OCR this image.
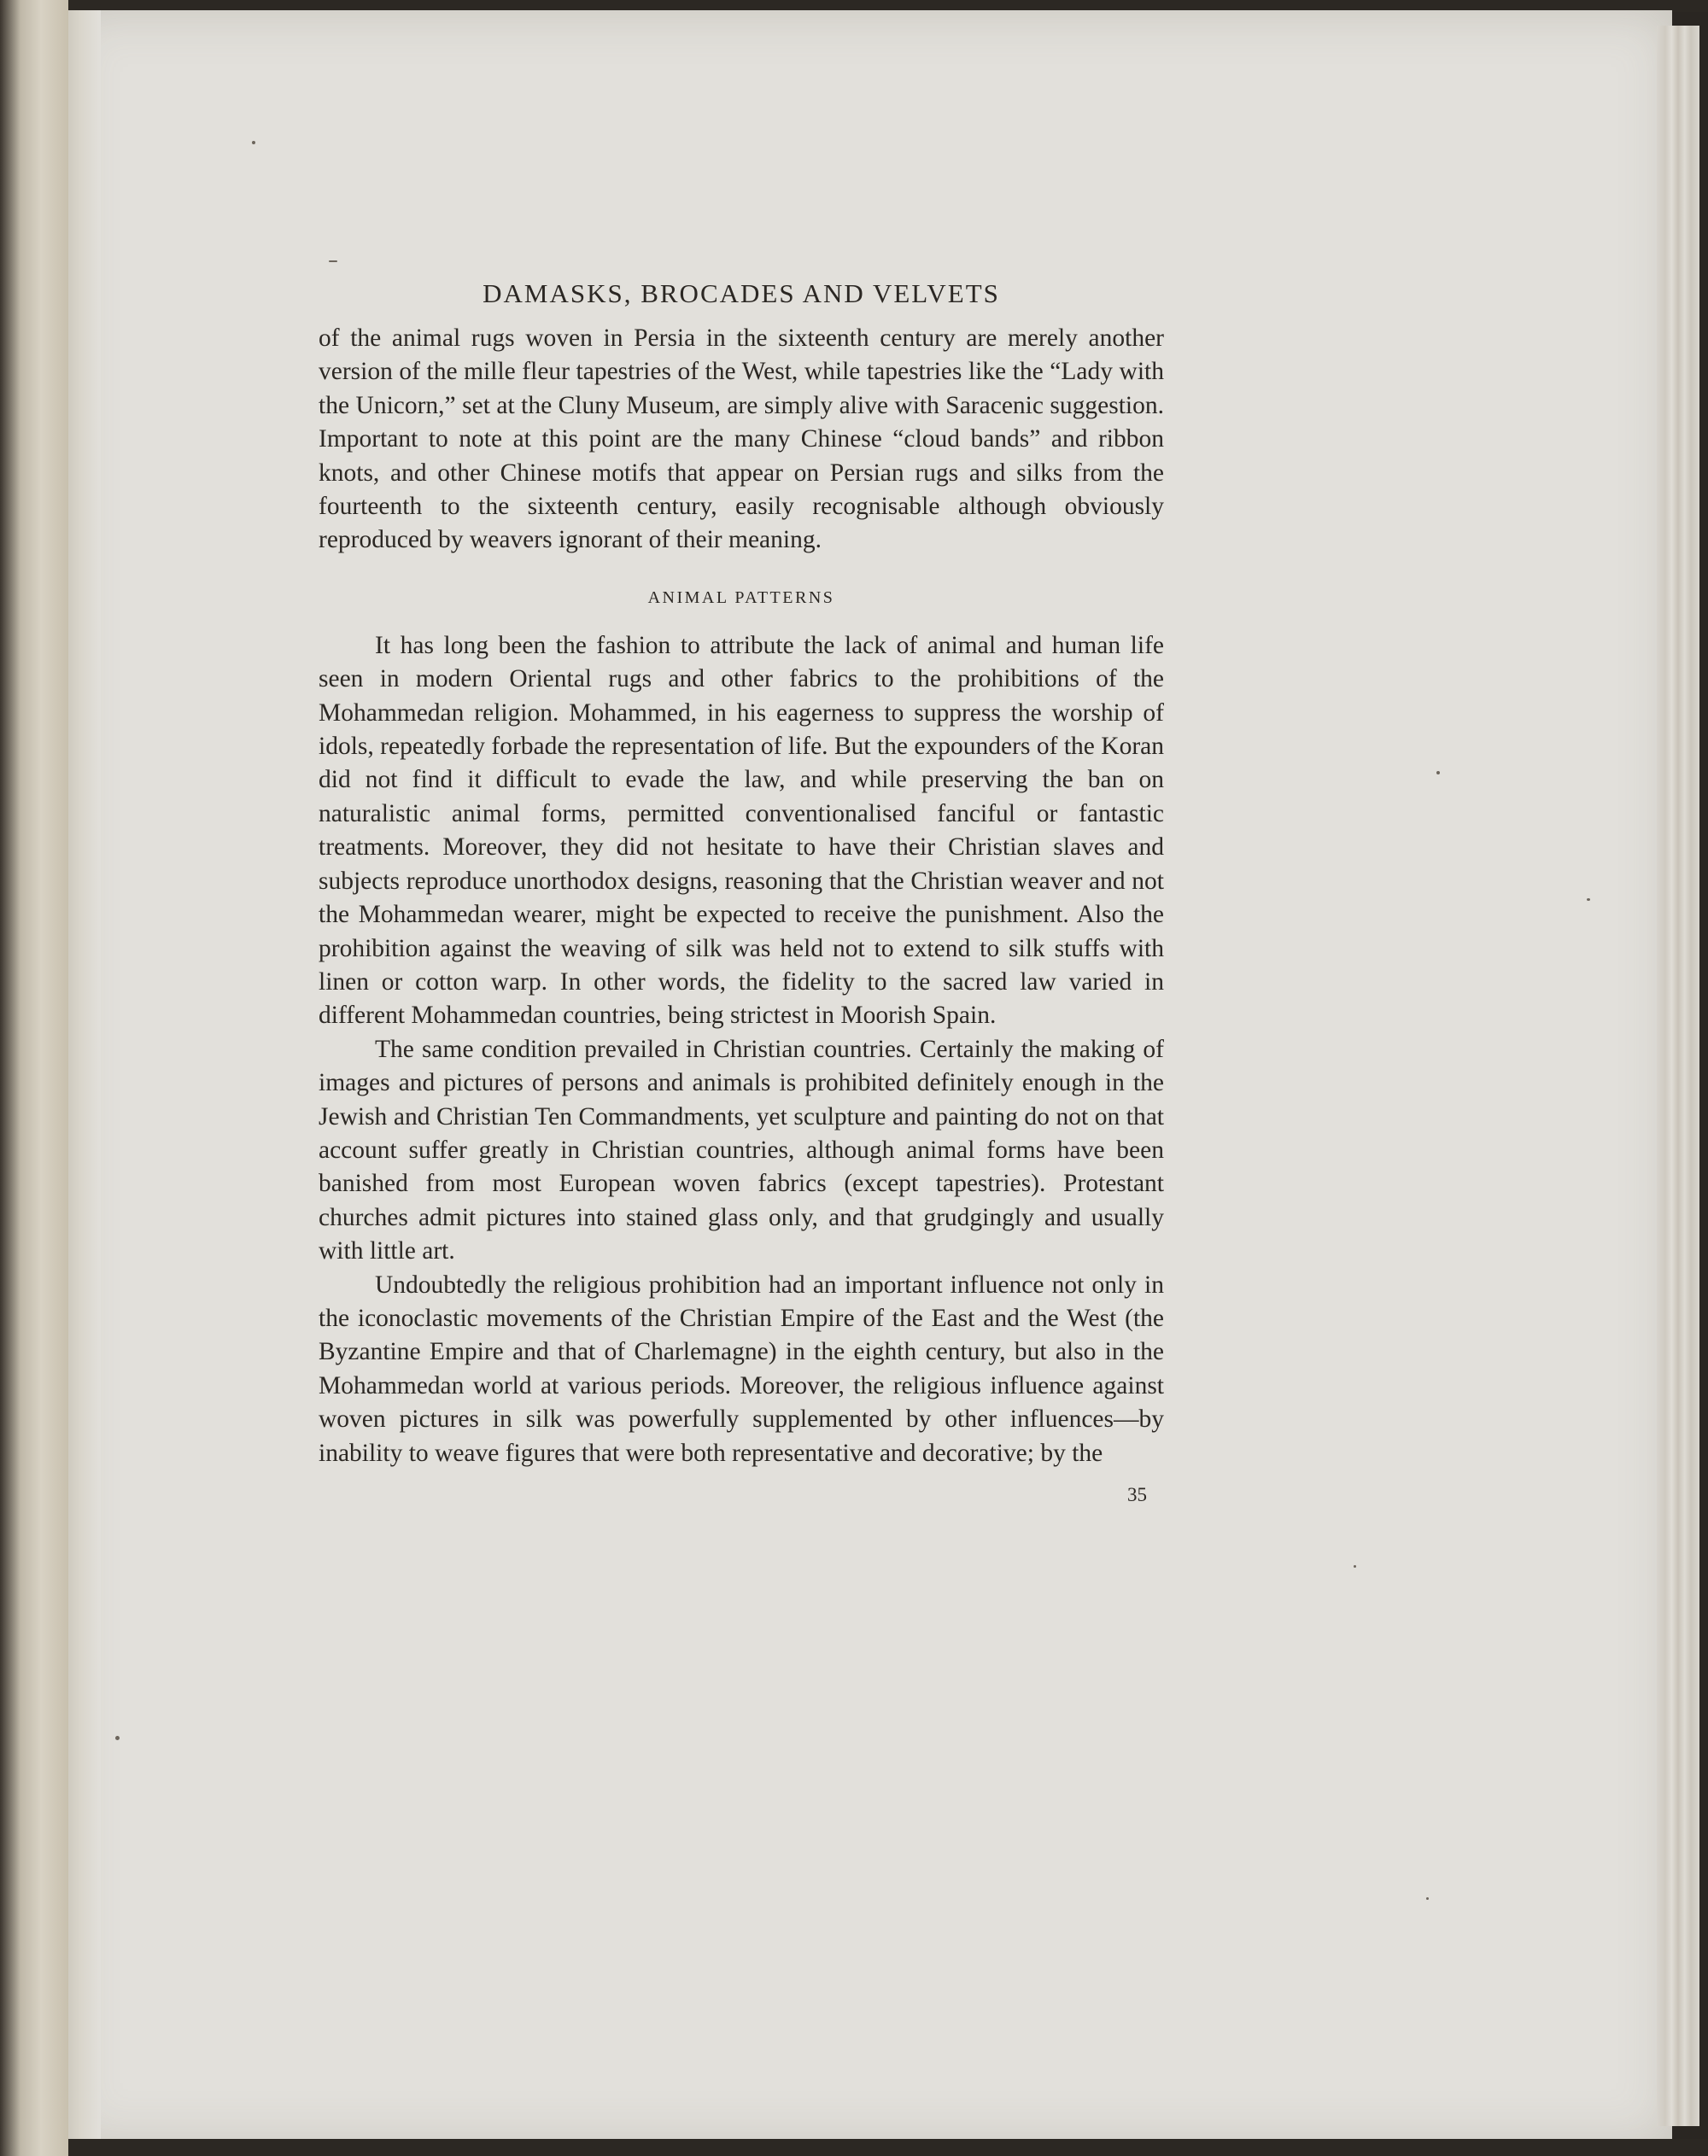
DAMASKS, BROCADES AND VELVETS

of the animal rugs woven in Persia in the sixteenth century are merely another version of the mille fleur tapestries of the West, while tapestries like the “Lady with the Unicorn,” set at the Cluny Museum, are simply alive with Saracenic suggestion. Important to note at this point are the many Chinese “cloud bands” and ribbon knots, and other Chinese motifs that appear on Persian rugs and silks from the fourteenth to the sixteenth century, easily recognisable although obviously reproduced by weavers ignorant of their meaning.

ANIMAL PATTERNS

It has long been the fashion to attribute the lack of animal and human life seen in modern Oriental rugs and other fabrics to the prohibitions of the Mohammedan religion. Mohammed, in his eagerness to suppress the worship of idols, repeatedly forbade the representation of life. But the expounders of the Koran did not find it difficult to evade the law, and while preserving the ban on naturalistic animal forms, permitted conventionalised fanciful or fantastic treatments. Moreover, they did not hesitate to have their Christian slaves and subjects reproduce unorthodox designs, reasoning that the Christian weaver and not the Mohammedan wearer, might be expected to receive the punishment. Also the prohibition against the weaving of silk was held not to extend to silk stuffs with linen or cotton warp. In other words, the fidelity to the sacred law varied in different Mohammedan countries, being strictest in Moorish Spain.

The same condition prevailed in Christian countries. Certainly the making of images and pictures of persons and animals is prohibited definitely enough in the Jewish and Christian Ten Commandments, yet sculpture and painting do not on that account suffer greatly in Christian countries, although animal forms have been banished from most European woven fabrics (except tapestries). Protestant churches admit pictures into stained glass only, and that grudgingly and usually with little art.

Undoubtedly the religious prohibition had an important influence not only in the iconoclastic movements of the Christian Empire of the East and the West (the Byzantine Empire and that of Charlemagne) in the eighth century, but also in the Mohammedan world at various periods. Moreover, the religious influence against woven pictures in silk was powerfully supplemented by other influences—by inability to weave figures that were both representative and decorative; by the

35
